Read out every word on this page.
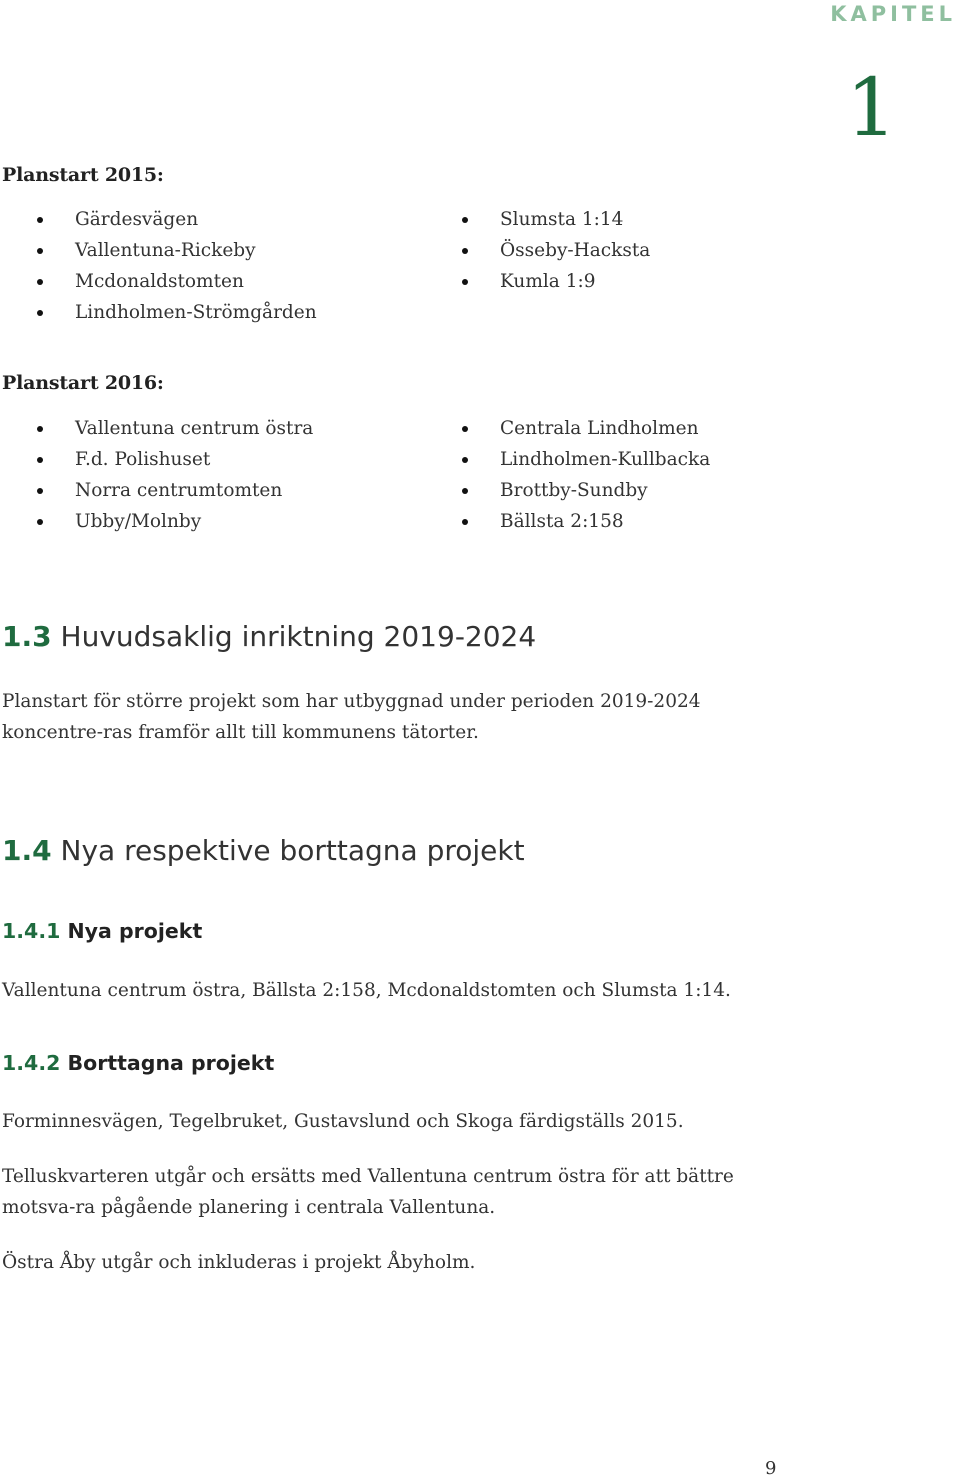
KAPITEL
1
Planstart 2015:
Gärdesvägen
Vallentuna-Rickeby
Mcdonaldstomten
Lindholmen-Strömgården
Slumsta 1:14
Össeby-Hacksta
Kumla 1:9
Planstart 2016:
Vallentuna centrum östra
F.d. Polishuset
Norra centrumtomten
Ubby/Molnby
Centrala Lindholmen
Lindholmen-Kullbacka
Brottby-Sundby
Bällsta 2:158
1.3 Huvudsaklig inriktning 2019-2024

Planstart för större projekt som har utbyggnad under perioden 2019-2024 koncentre-ras framför allt till kommunens tätorter.

1.4 Nya respektive borttagna projekt
1.4.1 Nya projekt

Vallentuna centrum östra, Bällsta 2:158, Mcdonaldstomten och Slumsta 1:14.

1.4.2 Borttagna projekt

Forminnesvägen, Tegelbruket, Gustavslund och Skoga färdigställs 2015.

Telluskvarteren utgår och ersätts med Vallentuna centrum östra för att bättre motsva-ra pågående planering i centrala Vallentuna.

Östra Åby utgår och inkluderas i projekt Åbyholm.

9
